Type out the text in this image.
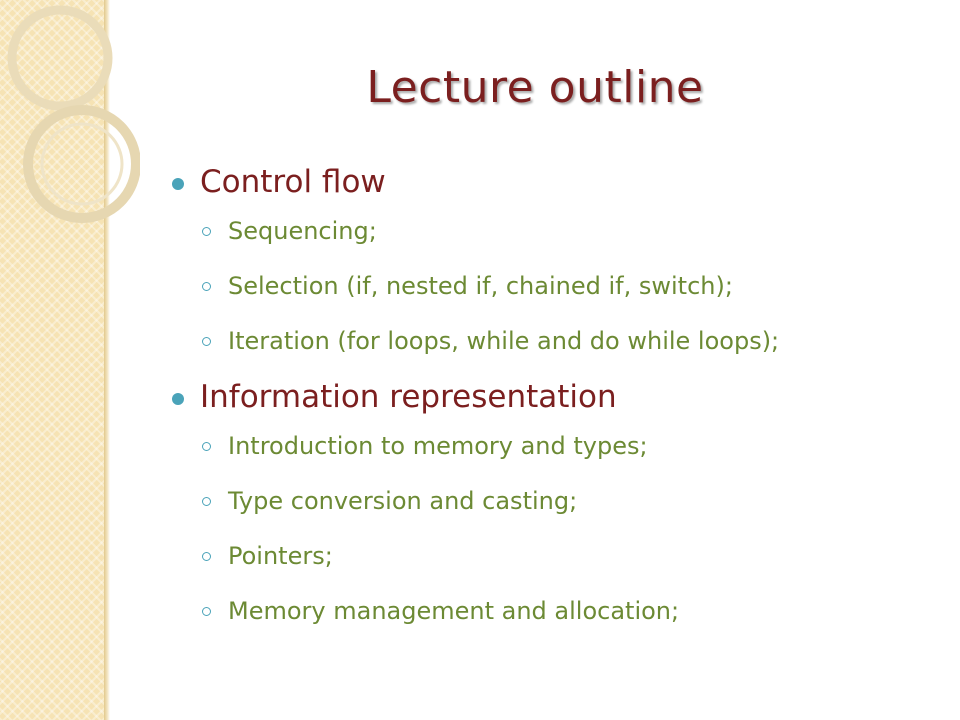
Lecture outline
Control flow
Sequencing;
Selection (if, nested if, chained if, switch);
Iteration (for loops, while and do while loops);
Information representation
Introduction to memory and types;
Type conversion and casting;
Pointers;
Memory management and allocation;
